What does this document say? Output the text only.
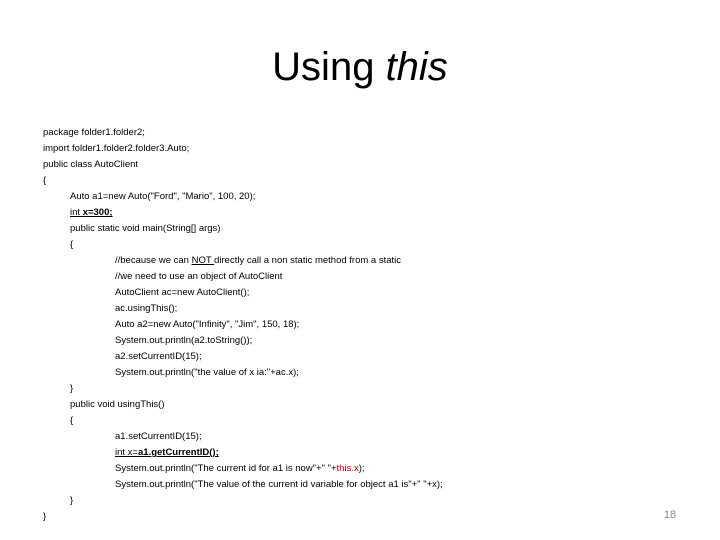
Using this
package folder1.folder2;
import folder1.folder2.folder3.Auto;
public class AutoClient
{
Auto a1=new Auto("Ford", "Mario", 100, 20);
int x=300;
public static void main(String[] args)
{
//because we can NOT directly call a non static method from a static
//we need to use an object of AutoClient
AutoClient ac=new AutoClient();
ac.usingThis();
Auto a2=new Auto("Infinity", "Jim", 150, 18);
System.out.println(a2.toString());
a2.setCurrentID(15);
System.out.println("the value of x ia:"+ac.x);
}
public void usingThis()
{
a1.setCurrentID(15);
int x=a1.getCurrentID();
System.out.println("The current id for a1 is now"+" "+this.x);
System.out.println("The value of the current id variable for object a1 is"+" "+x);
}
}	18
